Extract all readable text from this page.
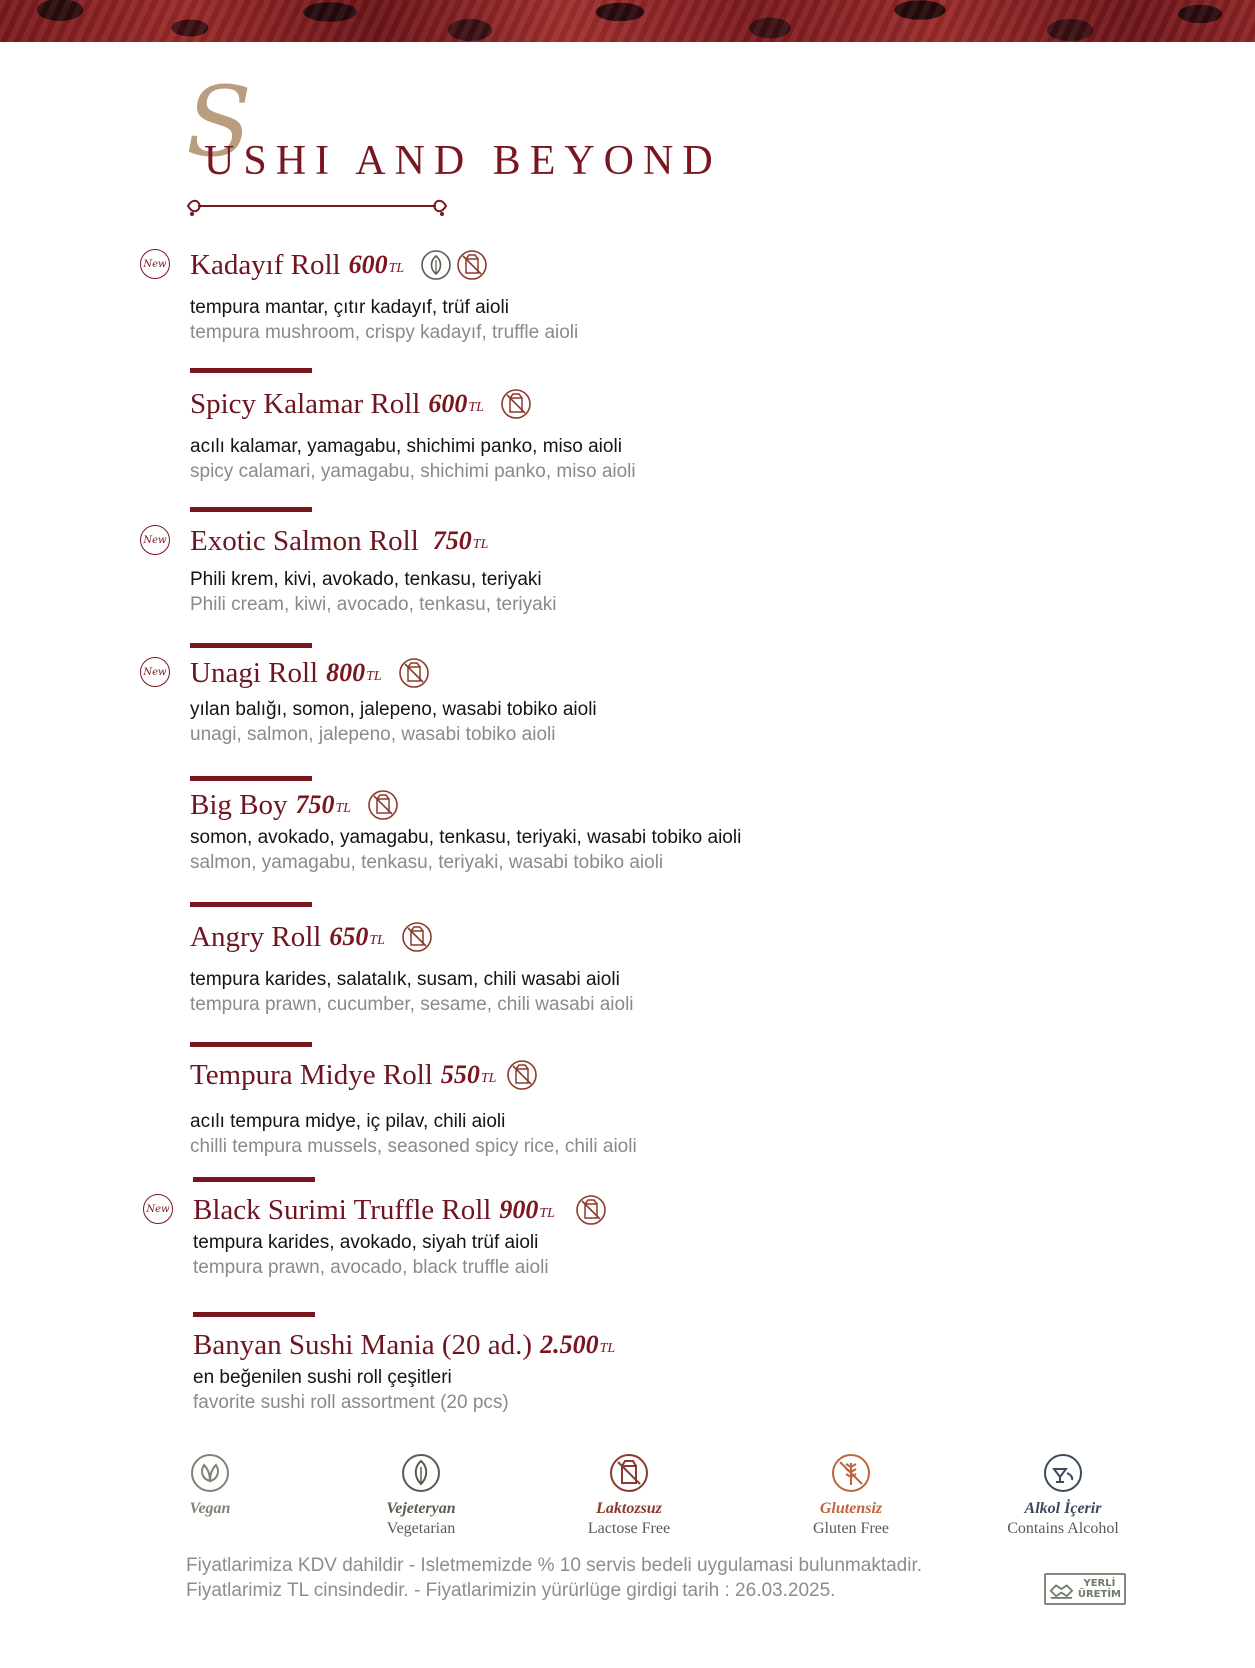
S
USHI AND BEYOND
New Kadayıf Roll 600 TL
tempura mantar, çıtır kadayıf, trüf aioli
tempura mushroom, crispy kadayıf, truffle aioli
Spicy Kalamar Roll 600 TL
acılı kalamar, yamagabu, shichimi panko, miso aioli
spicy calamari, yamagabu, shichimi panko, miso aioli
New Exotic Salmon Roll 750 TL
Phili krem, kivi, avokado, tenkasu, teriyaki
Phili cream, kiwi, avocado, tenkasu, teriyaki
New Unagi Roll 800 TL
yılan balığı, somon, jalepeno, wasabi tobiko aioli
unagi, salmon, jalepeno, wasabi tobiko aioli
Big Boy 750 TL
somon, avokado, yamagabu, tenkasu, teriyaki, wasabi tobiko aioli
salmon, yamagabu, tenkasu, teriyaki, wasabi tobiko aioli
Angry Roll 650 TL
tempura karides, salatalık, susam, chili wasabi aioli
tempura prawn, cucumber, sesame, chili wasabi aioli
Tempura Midye Roll 550 TL
acılı tempura midye, iç pilav, chili aioli
chilli tempura mussels, seasoned spicy rice, chili aioli
New Black Surimi Truffle Roll 900 TL
tempura karides, avokado, siyah trüf aioli
tempura prawn, avocado, black truffle aioli
Banyan Sushi Mania (20 ad.) 2.500 TL
en beğenilen sushi roll çeşitleri
favorite sushi roll assortment (20 pcs)
Vegan	Vejeteryan
Vegetarian
Laktozsuz
Lactose Free
Glutensiz
Gluten Free
Alkol İçerir
Contains Alcohol
Fiyatlarimiza KDV dahildir - Isletmemizde % 10 servis bedeli uygulamasi bulunmaktadir.
Fiyatlarimiz TL cinsindedir. - Fiyatlarimizin yürürlüge girdigi tarih : 26.03.2025.	YERLİ
ÜRETİM
